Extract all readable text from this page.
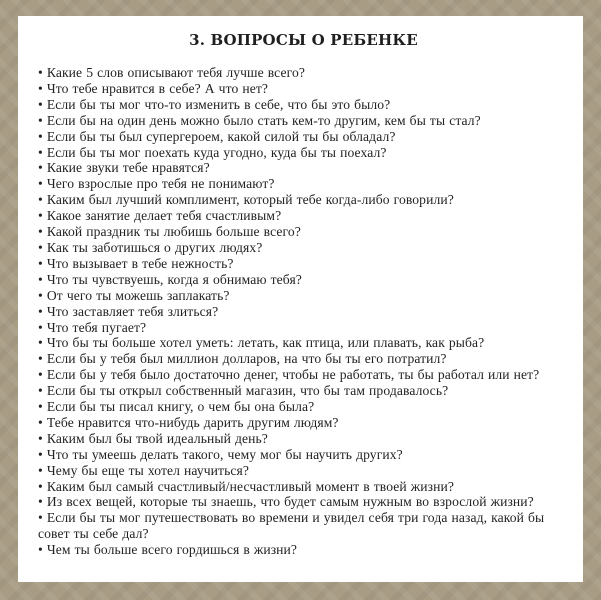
3. ВОПРОСЫ О РЕБЕНКЕ
• Какие 5 слов описывают тебя лучше всего?
• Что тебе нравится в себе? А что нет?
• Если бы ты мог что-то изменить в себе, что бы это было?
• Если бы на один день можно было стать кем-то другим, кем бы ты стал?
• Если бы ты был супергероем, какой силой ты бы обладал?
• Если бы ты мог поехать куда угодно, куда бы ты поехал?
• Какие звуки тебе нравятся?
• Чего взрослые про тебя не понимают?
• Каким был лучший комплимент, который тебе когда-либо говорили?
• Какое занятие делает тебя счастливым?
• Какой праздник ты любишь больше всего?
• Как ты заботишься о других людях?
• Что вызывает в тебе нежность?
• Что ты чувствуешь, когда я обнимаю тебя?
• От чего ты можешь заплакать?
• Что заставляет тебя злиться?
• Что тебя пугает?
• Что бы ты больше хотел уметь: летать, как птица, или плавать, как рыба?
• Если бы у тебя был миллион долларов, на что бы ты его потратил?
• Если бы у тебя было достаточно денег, чтобы не работать, ты бы работал или нет?
• Если бы ты открыл собственный магазин, что бы там продавалось?
• Если бы ты писал книгу, о чем бы она была?
• Тебе нравится что-нибудь дарить другим людям?
• Каким был бы твой идеальный день?
• Что ты умеешь делать такого, чему мог бы научить других?
• Чему бы еще ты хотел научиться?
• Каким был самый счастливый/несчастливый момент в твоей жизни?
• Из всех вещей, которые ты знаешь, что будет самым нужным во взрослой жизни?
• Если бы ты мог путешествовать во времени и увидел себя три года назад, какой бы совет ты себе дал?
• Чем ты больше всего гордишься в жизни?
